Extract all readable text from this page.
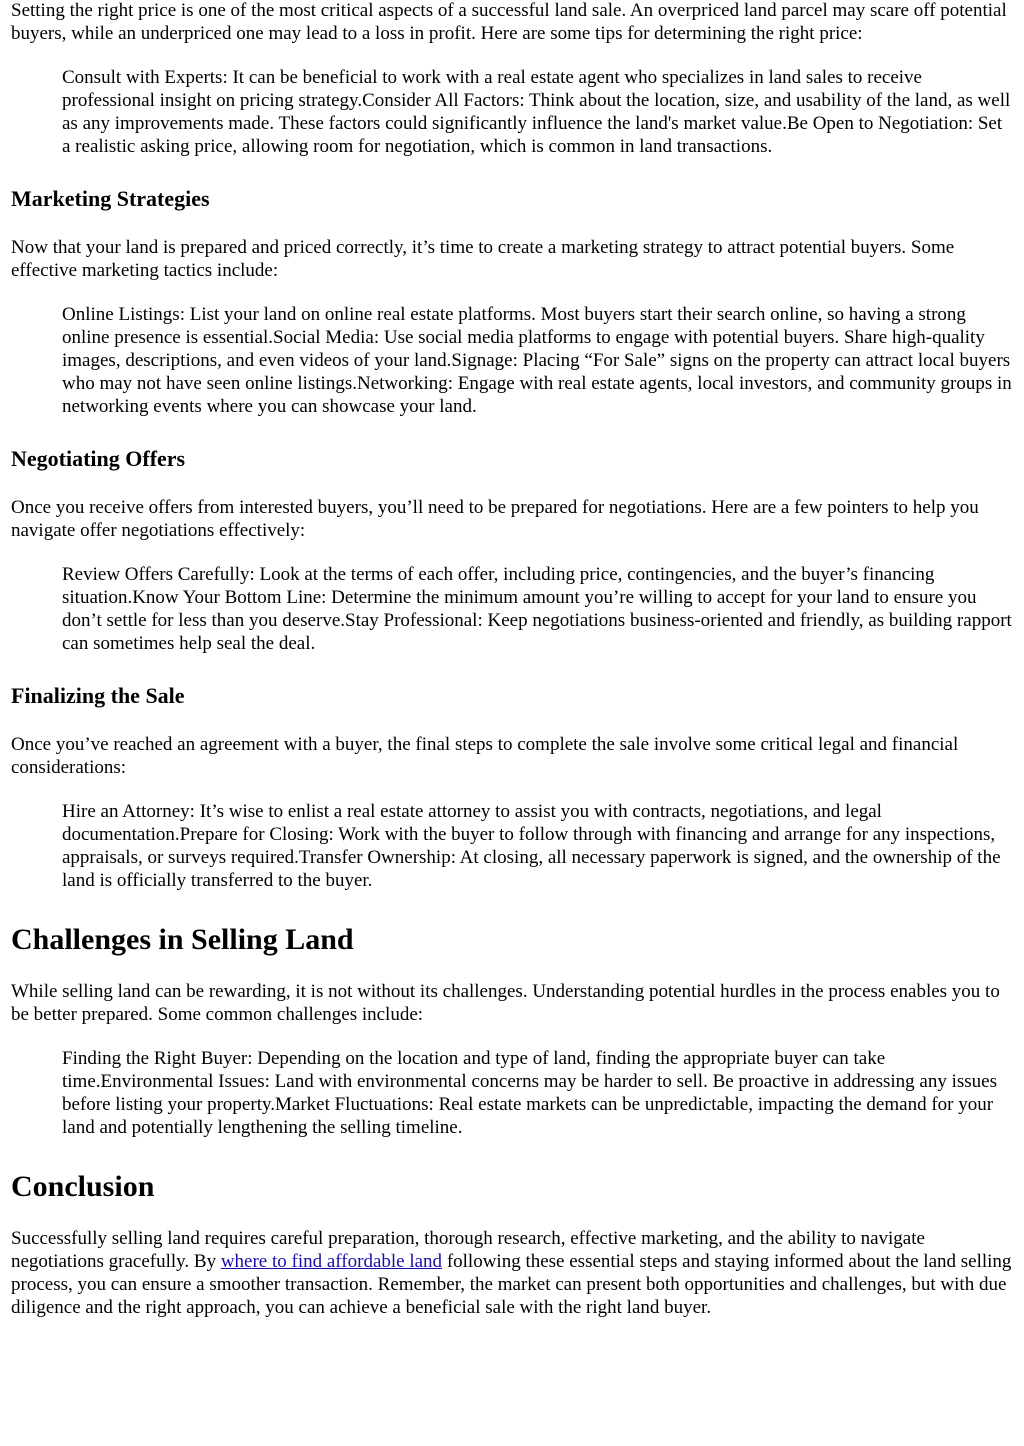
Setting the right price is one of the most critical aspects of a successful land sale. An overpriced land parcel may scare off potential buyers, while an underpriced one may lead to a loss in profit. Here are some tips for determining the right price:

Consult with Experts: It can be beneficial to work with a real estate agent who specializes in land sales to receive professional insight on pricing strategy.Consider All Factors: Think about the location, size, and usability of the land, as well as any improvements made. These factors could significantly influence the land's market value.Be Open to Negotiation: Set a realistic asking price, allowing room for negotiation, which is common in land transactions.
Marketing Strategies

Now that your land is prepared and priced correctly, it’s time to create a marketing strategy to attract potential buyers. Some effective marketing tactics include:

Online Listings: List your land on online real estate platforms. Most buyers start their search online, so having a strong online presence is essential.Social Media: Use social media platforms to engage with potential buyers. Share high-quality images, descriptions, and even videos of your land.Signage: Placing “For Sale” signs on the property can attract local buyers who may not have seen online listings.Networking: Engage with real estate agents, local investors, and community groups in networking events where you can showcase your land.
Negotiating Offers

Once you receive offers from interested buyers, you’ll need to be prepared for negotiations. Here are a few pointers to help you navigate offer negotiations effectively:

Review Offers Carefully: Look at the terms of each offer, including price, contingencies, and the buyer’s financing situation.Know Your Bottom Line: Determine the minimum amount you’re willing to accept for your land to ensure you don’t settle for less than you deserve.Stay Professional: Keep negotiations business-oriented and friendly, as building rapport can sometimes help seal the deal.
Finalizing the Sale

Once you’ve reached an agreement with a buyer, the final steps to complete the sale involve some critical legal and financial considerations:

Hire an Attorney: It’s wise to enlist a real estate attorney to assist you with contracts, negotiations, and legal documentation.Prepare for Closing: Work with the buyer to follow through with financing and arrange for any inspections, appraisals, or surveys required.Transfer Ownership: At closing, all necessary paperwork is signed, and the ownership of the land is officially transferred to the buyer.
Challenges in Selling Land

While selling land can be rewarding, it is not without its challenges. Understanding potential hurdles in the process enables you to be better prepared. Some common challenges include:

Finding the Right Buyer: Depending on the location and type of land, finding the appropriate buyer can take time.Environmental Issues: Land with environmental concerns may be harder to sell. Be proactive in addressing any issues before listing your property.Market Fluctuations: Real estate markets can be unpredictable, impacting the demand for your land and potentially lengthening the selling timeline.
Conclusion

Successfully selling land requires careful preparation, thorough research, effective marketing, and the ability to navigate negotiations gracefully. By where to find affordable land following these essential steps and staying informed about the land selling process, you can ensure a smoother transaction. Remember, the market can present both opportunities and challenges, but with due diligence and the right approach, you can achieve a beneficial sale with the right land buyer.
